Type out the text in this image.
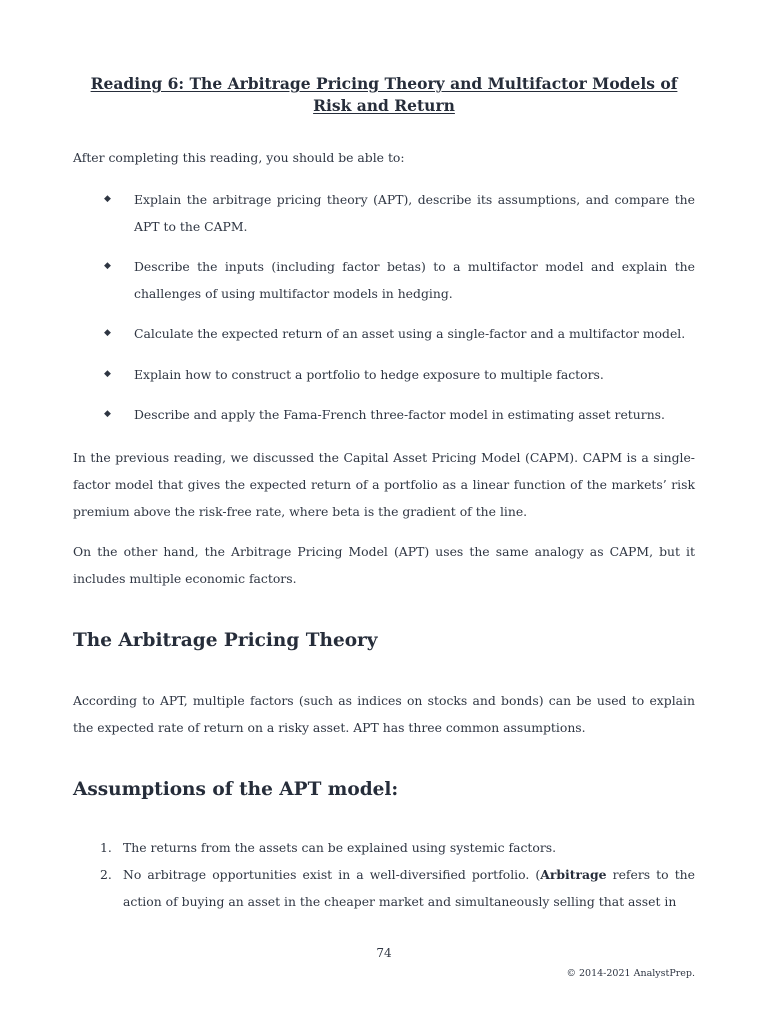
Reading 6: The Arbitrage Pricing Theory and Multifactor Models of Risk and Return

After completing this reading, you should be able to:

◆ Explain the arbitrage pricing theory (APT), describe its assumptions, and compare the APT to the CAPM.
◆ Describe the inputs (including factor betas) to a multifactor model and explain the challenges of using multifactor models in hedging.
◆ Calculate the expected return of an asset using a single-factor and a multifactor model.
◆ Explain how to construct a portfolio to hedge exposure to multiple factors.
◆ Describe and apply the Fama-French three-factor model in estimating asset returns.

In the previous reading, we discussed the Capital Asset Pricing Model (CAPM). CAPM is a single-factor model that gives the expected return of a portfolio as a linear function of the markets’ risk premium above the risk-free rate, where beta is the gradient of the line.

On the other hand, the Arbitrage Pricing Model (APT) uses the same analogy as CAPM, but it includes multiple economic factors.

The Arbitrage Pricing Theory

According to APT, multiple factors (such as indices on stocks and bonds) can be used to explain the expected rate of return on a risky asset. APT has three common assumptions.

Assumptions of the APT model:
1. The returns from the assets can be explained using systemic factors.
2. No arbitrage opportunities exist in a well-diversified portfolio. (Arbitrage refers to the action of buying an asset in the cheaper market and simultaneously selling that asset in
74
© 2014-2021 AnalystPrep.
